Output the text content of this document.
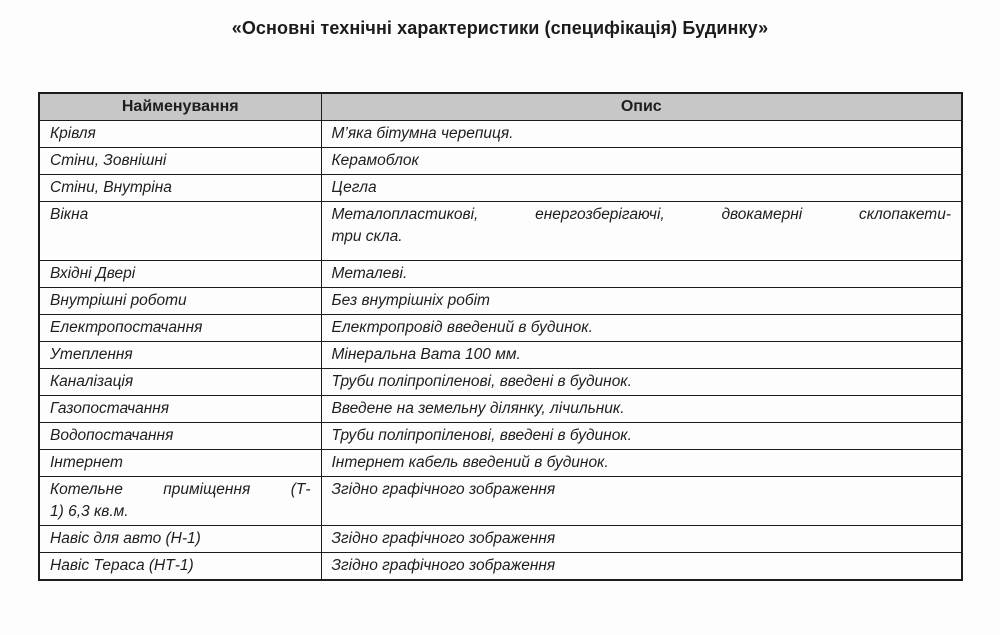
«Основні технічні характеристики (специфікація) Будинку»
Найменування	Опис

Крівля	М’яка бітумна черепиця.

Стіни, Зовнішні	Керамоблок

Стіни, Внутріна	Цегла

Вікна	Металопластикові, енергозберігаючі, двокамерні склопакети-
три скла.

Вхідні Двері	Металеві.

Внутрішні роботи	Без внутрішніх робіт

Електропостачання	Електропровід введений в будинок.

Утеплення	Мінеральна Вата 100 мм.

Каналізація	Труби поліпропіленові, введені в будинок.

Газопостачання	Введене на земельну ділянку, лічильник.

Водопостачання	Труби поліпропіленові, введені в будинок.

Інтернет	Інтернет кабель введений в будинок.

Котельне приміщення (Т-
1) 6,3 кв.м.	Згідно графічного зображення

Навіс для авто (Н-1)	Згідно графічного зображення

Навіс Тераса (НТ-1)	Згідно графічного зображення
